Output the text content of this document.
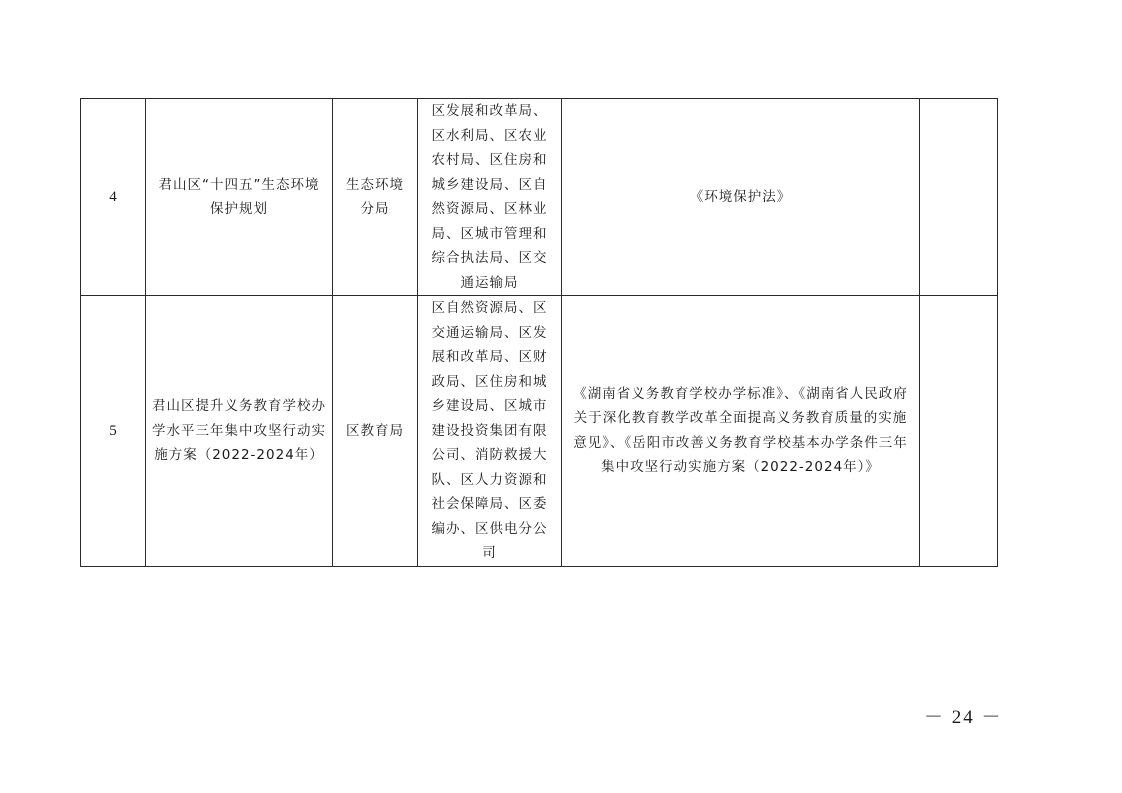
4	君山区“十四五”生态环境保护规划	生态环境分局	区发展和改革局、区水利局、区农业农村局、区住房和城乡建设局、区自然资源局、区林业局、区城市管理和综合执法局、区交通运输局	《环境保护法》	
5	君山区提升义务教育学校办学水平三年集中攻坚行动实施方案（2022-2024年）	区教育局	区自然资源局、区交通运输局、区发展和改革局、区财政局、区住房和城乡建设局、区城市建设投资集团有限公司、消防救援大队、区人力资源和社会保障局、区委编办、区供电分公司	《湖南省义务教育学校办学标准》、《湖南省人民政府关于深化教育教学改革全面提高义务教育质量的实施意见》、《岳阳市改善义务教育学校基本办学条件三年集中攻坚行动实施方案（2022-2024年）》	
－ 24 －
